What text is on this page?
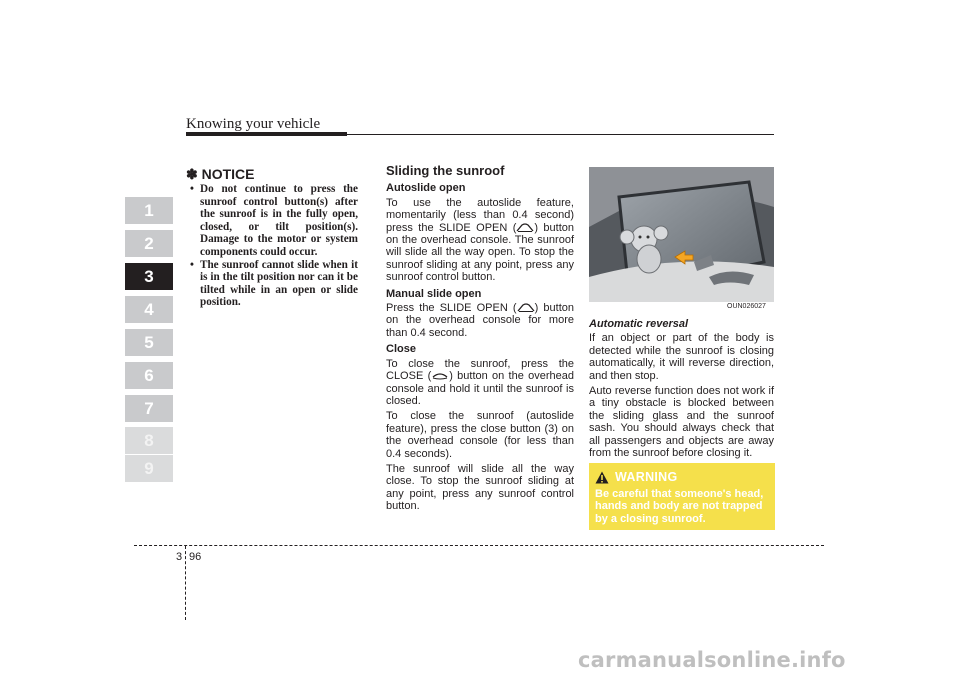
Knowing your vehicle
1
2
3
4
5
6
7
8
9
✽ NOTICE
• Do not continue to press the sunroof control button(s) after the sunroof is in the fully open, closed, or tilt position(s). Damage to the motor or system components could occur.
• The sunroof cannot slide when it is in the tilt position nor can it be tilted while in an open or slide position.
Sliding the sunroof
Autoslide open

To use the autoslide feature, momentarily (less than 0.4 second) press the SLIDE OPEN ( ) button on the overhead console. The sunroof will slide all the way open. To stop the sunroof sliding at any point, press any sunroof control button.

Manual slide open

Press the SLIDE OPEN ( ) button on the overhead console for more than 0.4 second.

Close

To close the sunroof, press the CLOSE ( ) button on the overhead console and hold it until the sunroof is closed.

To close the sunroof (autoslide feature), press the close button (3) on the overhead console (for less than 0.4 seconds).

The sunroof will slide all the way close. To stop the sunroof sliding at any point, press any sunroof control button.

OUN026027
Automatic reversal

If an object or part of the body is detected while the sunroof is closing automatically, it will reverse direction, and then stop.

Auto reverse function does not work if a tiny obstacle is blocked between the sliding glass and the sunroof sash. You should always check that all passengers and objects are away from the sunroof before closing it.

WARNING
Be careful that someone's head, hands and body are not trapped by a closing sunroof.
3 96
carmanualsonline.info
